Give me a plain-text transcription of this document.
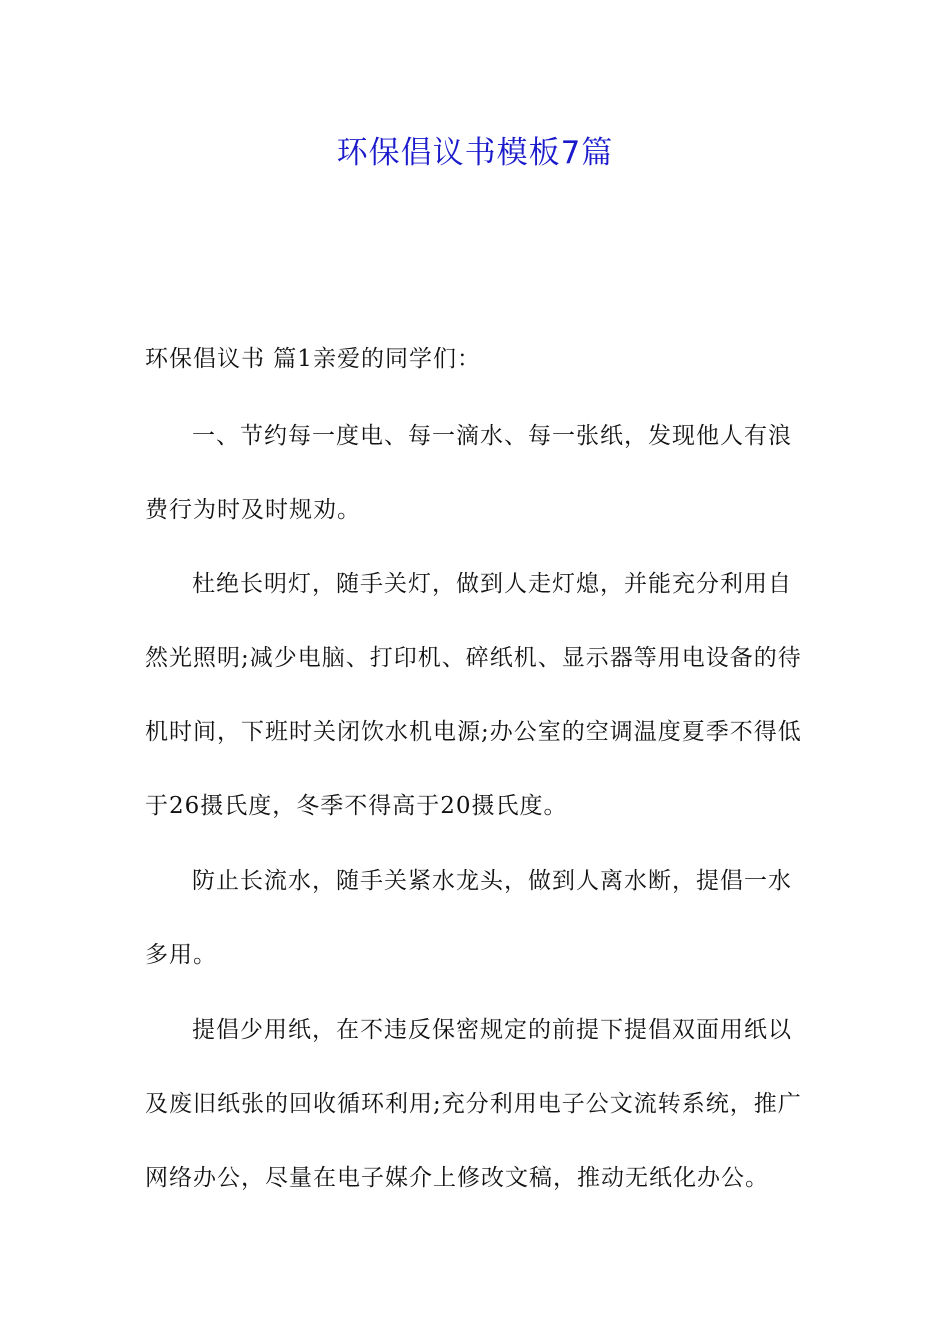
环保倡议书模板7篇
环保倡议书 篇1亲爱的同学们：
一、节约每一度电、每一滴水、每一张纸，发现他人有浪
费行为时及时规劝。
杜绝长明灯，随手关灯，做到人走灯熄，并能充分利用自
然光照明;减少电脑、打印机、碎纸机、显示器等用电设备的待
机时间，下班时关闭饮水机电源;办公室的空调温度夏季不得低
于26摄氏度，冬季不得高于20摄氏度。
防止长流水，随手关紧水龙头，做到人离水断，提倡一水
多用。
提倡少用纸，在不违反保密规定的前提下提倡双面用纸以
及废旧纸张的回收循环利用;充分利用电子公文流转系统，推广
网络办公，尽量在电子媒介上修改文稿，推动无纸化办公。
